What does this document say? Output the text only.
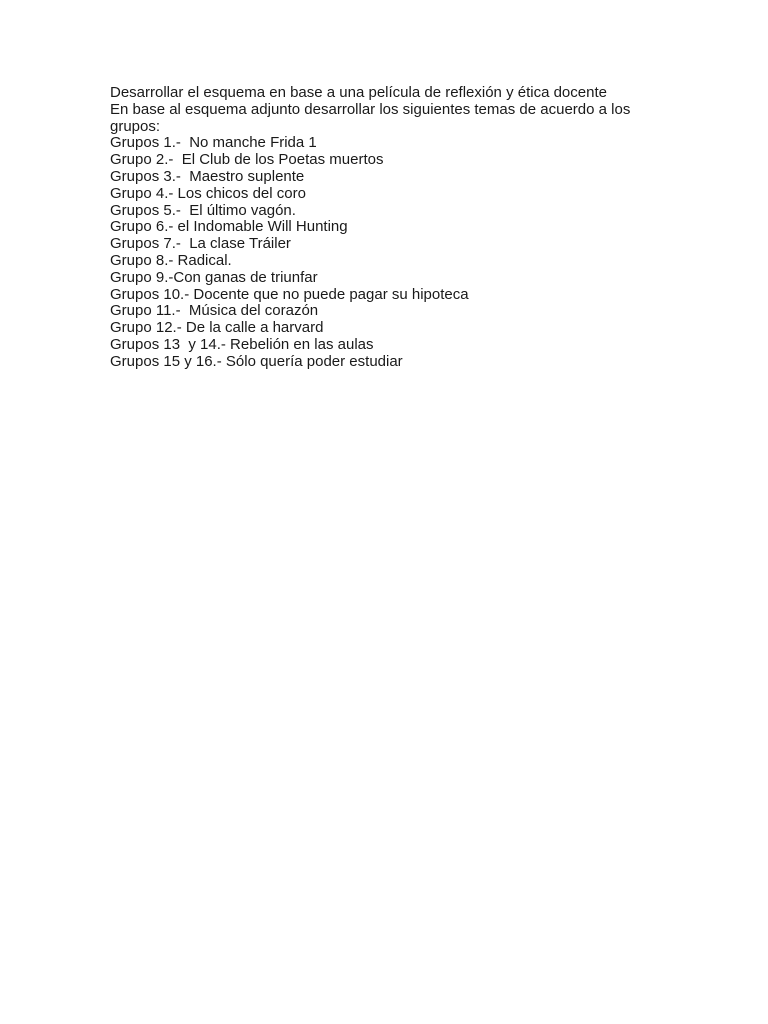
Desarrollar el esquema en base a una película de reflexión y ética docente
En base al esquema adjunto desarrollar los siguientes temas de acuerdo a los grupos:
Grupos 1.-  No manche Frida 1
Grupo 2.-  El Club de los Poetas muertos
Grupos 3.-  Maestro suplente
Grupo 4.- Los chicos del coro
Grupos 5.-  El último vagón.
Grupo 6.- el Indomable Will Hunting
Grupos 7.-  La clase Tráiler
Grupo 8.- Radical.
Grupo 9.-Con ganas de triunfar
Grupos 10.- Docente que no puede pagar su hipoteca
Grupo 11.-  Música del corazón
Grupo 12.- De la calle a harvard
Grupos 13  y 14.- Rebelión en las aulas
Grupos 15 y 16.- Sólo quería poder estudiar
